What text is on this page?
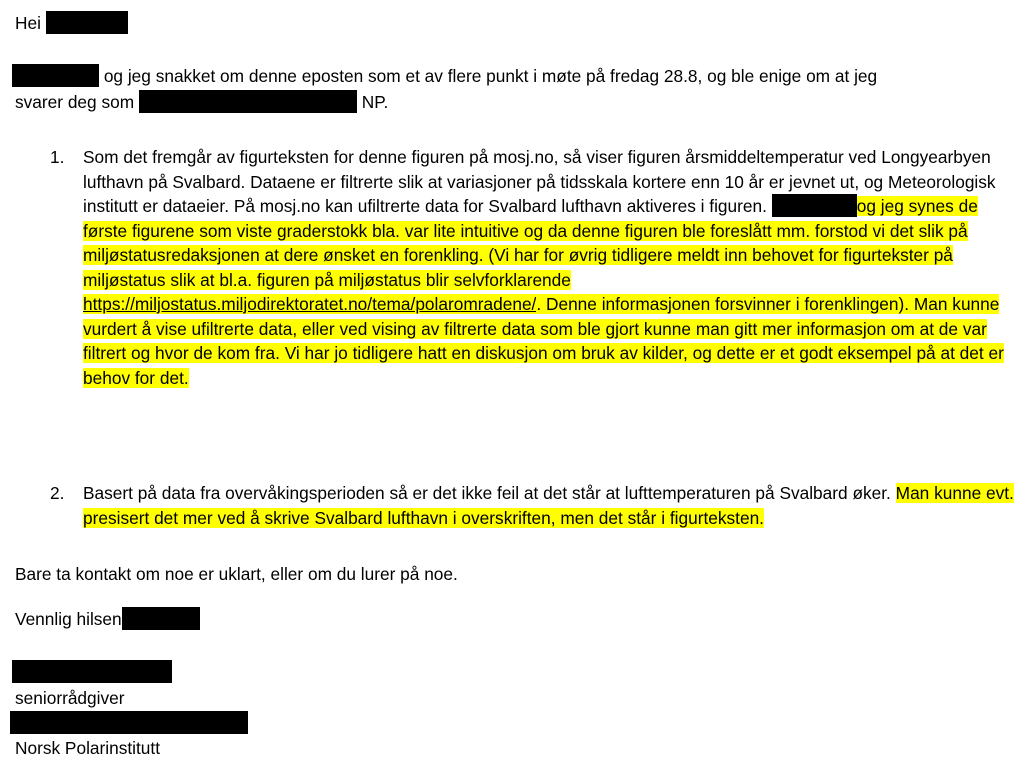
Hei
og jeg snakket om denne eposten som et av flere punkt i møte på fredag 28.8, og ble enige om at jeg
svarer deg som	NP.
1. Som det fremgår av figurteksten for denne figuren på mosj.no, så viser figuren årsmiddeltemperatur ved Longyearbyen lufthavn på Svalbard. Dataene er filtrerte slik at variasjoner på tidsskala kortere enn 10 år er jevnet ut, og Meteorologisk institutt er dataeier. På mosj.no kan ufiltrerte data for Svalbard lufthavn aktiveres i figuren.	og jeg synes de første figurene som viste graderstokk bla. var lite intuitive og da denne figuren ble foreslått mm. forstod vi det slik på miljøstatusredaksjonen at dere ønsket en forenkling. (Vi har for øvrig tidligere meldt inn behovet for figurtekster på miljøstatus slik at bl.a. figuren på miljøstatus blir selvforklarende https://miljostatus.miljodirektoratet.no/tema/polaromradene/. Denne informasjonen forsvinner i forenklingen). Man kunne vurdert å vise ufiltrerte data, eller ved vising av filtrerte data som ble gjort kunne man gitt mer informasjon om at de var filtrert og hvor de kom fra. Vi har jo tidligere hatt en diskusjon om bruk av kilder, og dette er et godt eksempel på at det er behov for det.

2. Basert på data fra overvåkingsperioden så er det ikke feil at det står at lufttemperaturen på Svalbard øker. Man kunne evt. presisert det mer ved å skrive Svalbard lufthavn i overskriften, men det står i figurteksten.

Bare ta kontakt om noe er uklart, eller om du lurer på noe.
Vennlig hilsen
seniorrådgiver
Norsk Polarinstitutt
